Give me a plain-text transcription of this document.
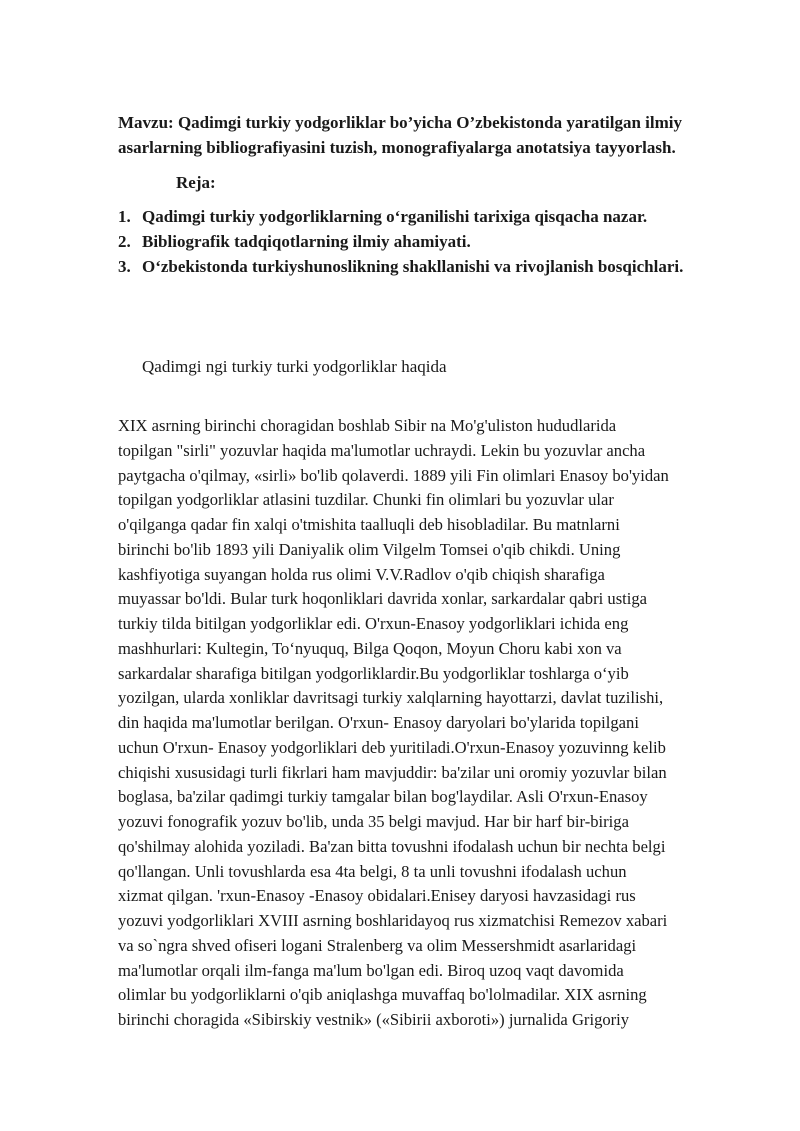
Mavzu: Qadimgi turkiy yodgorliklar bo’yicha O’zbekistonda yaratilgan ilmiy asarlarning bibliografiyasini tuzish, monografiyalarga anotatsiya tayyorlash.

Reja:

1. Qadimgi turkiy yodgorliklarning o‘rganilishi tarixiga qisqacha nazar.
2. Bibliografik tadqiqotlarning ilmiy ahamiyati.
3. O‘zbekistonda turkiyshunoslikning shakllanishi va rivojlanish bosqichlari.

Qadimgi ngi turkiy turki yodgorliklar haqida

XIX asrning birinchi choragidan boshlab Sibir na Mo'g'uliston hududlarida
topilgan "sirli" yozuvlar haqida ma'lumotlar uchraydi. Lekin bu yozuvlar ancha
paytgacha o'qilmay, «sirli» bo'lib qolaverdi. 1889 yili Fin olimlari Enasoy bo'yidan
topilgan yodgorliklar atlasini tuzdilar. Chunki fin olimlari bu yozuvlar ular
o'qilganga qadar fin xalqi o'tmishita taalluqli deb hisobladilar. Bu matnlarni
birinchi bo'lib 1893 yili Daniyalik olim Vilgelm Tomsei o'qib chikdi. Uning
kashfiyotiga suyangan holda rus olimi V.V.Radlov o'qib chiqish sharafiga
muyassar bo'ldi. Bular turk hoqonliklari davrida xonlar, sarkardalar qabri ustiga
turkiy tilda bitilgan yodgorliklar edi. O'rxun-Enasoy yodgorliklari ichida eng
mashhurlari: Kultegin, To‘nyuquq, Bilga Qoqon, Moyun Choru kabi xon va
sarkardalar sharafiga bitilgan yodgorliklardir.Bu yodgorliklar toshlarga o‘yib
yozilgan, ularda xonliklar davritsagi turkiy xalqlarning hayottarzi, davlat tuzilishi,
din haqida ma'lumotlar berilgan. O'rxun- Enasoy daryolari bo'ylarida topilgani
uchun O'rxun- Enasoy yodgorliklari deb yuritiladi.O'rxun-Enasoy yozuvinng kelib
chiqishi xususidagi turli fikrlari ham mavjuddir: ba'zilar uni oromiy yozuvlar bilan
boglasa, ba'zilar qadimgi turkiy tamgalar bilan bog'laydilar. Asli O'rxun-Enasoy
yozuvi fonografik yozuv bo'lib, unda 35 belgi mavjud. Har bir harf bir-biriga
qo'shilmay alohida yoziladi. Ba'zan bitta tovushni ifodalash uchun bir nechta belgi
qo'llangan. Unli tovushlarda esa 4ta belgi, 8 ta unli tovushni ifodalash uchun
xizmat qilgan. 'rxun-Enasoy -Enasoy obidalari.Enisey daryosi havzasidagi rus
yozuvi yodgorliklari XVIII asrning boshlaridayoq rus xizmatchisi Remezov xabari
va so`ngra shved ofiseri logani Stralenberg va olim Messershmidt asarlaridagi
ma'lumotlar orqali ilm-fanga ma'lum bo'lgan edi. Biroq uzoq vaqt davomida
olimlar bu yodgorliklarni o'qib aniqlashga muvaffaq bo'lolmadilar. XIX asrning
birinchi choragida «Sibirskiy vestnik» («Sibirii axboroti») jurnalida Grigoriy
